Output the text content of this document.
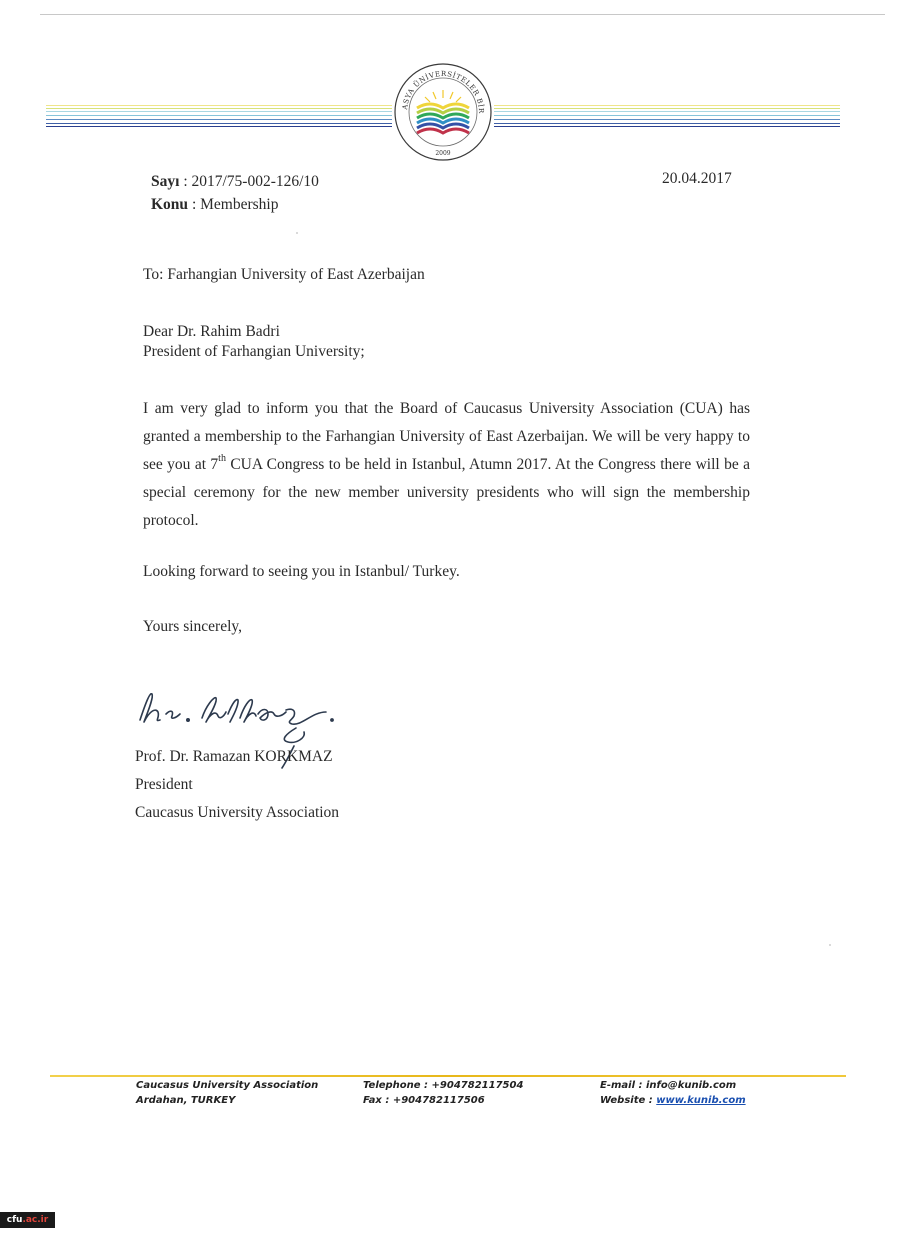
ASYA ÜNİVERSİTELER BİR
2009
Sayı : 2017/75-002-126/10
Konu : Membership
20.04.2017
To: Farhangian University of East Azerbaijan
Dear Dr. Rahim Badri
President of Farhangian University;
I am very glad to inform you that the Board of Caucasus University Association (CUA) has granted a membership to the Farhangian University of East Azerbaijan. We will be very happy to see you at 7th CUA Congress to be held in Istanbul, Atumn 2017. At the Congress there will be a special ceremony for the new member university presidents who will sign the membership protocol.
Looking forward to seeing you in Istanbul/ Turkey.
Yours sincerely,
Prof. Dr. Ramazan KORKMAZ
President
Caucasus University Association
Caucasus University Association
Ardahan, TURKEY
Telephone : +904782117504
Fax : +904782117506
E-mail : info@kunib.com
Website : www.kunib.com
cfu.ac.ir
